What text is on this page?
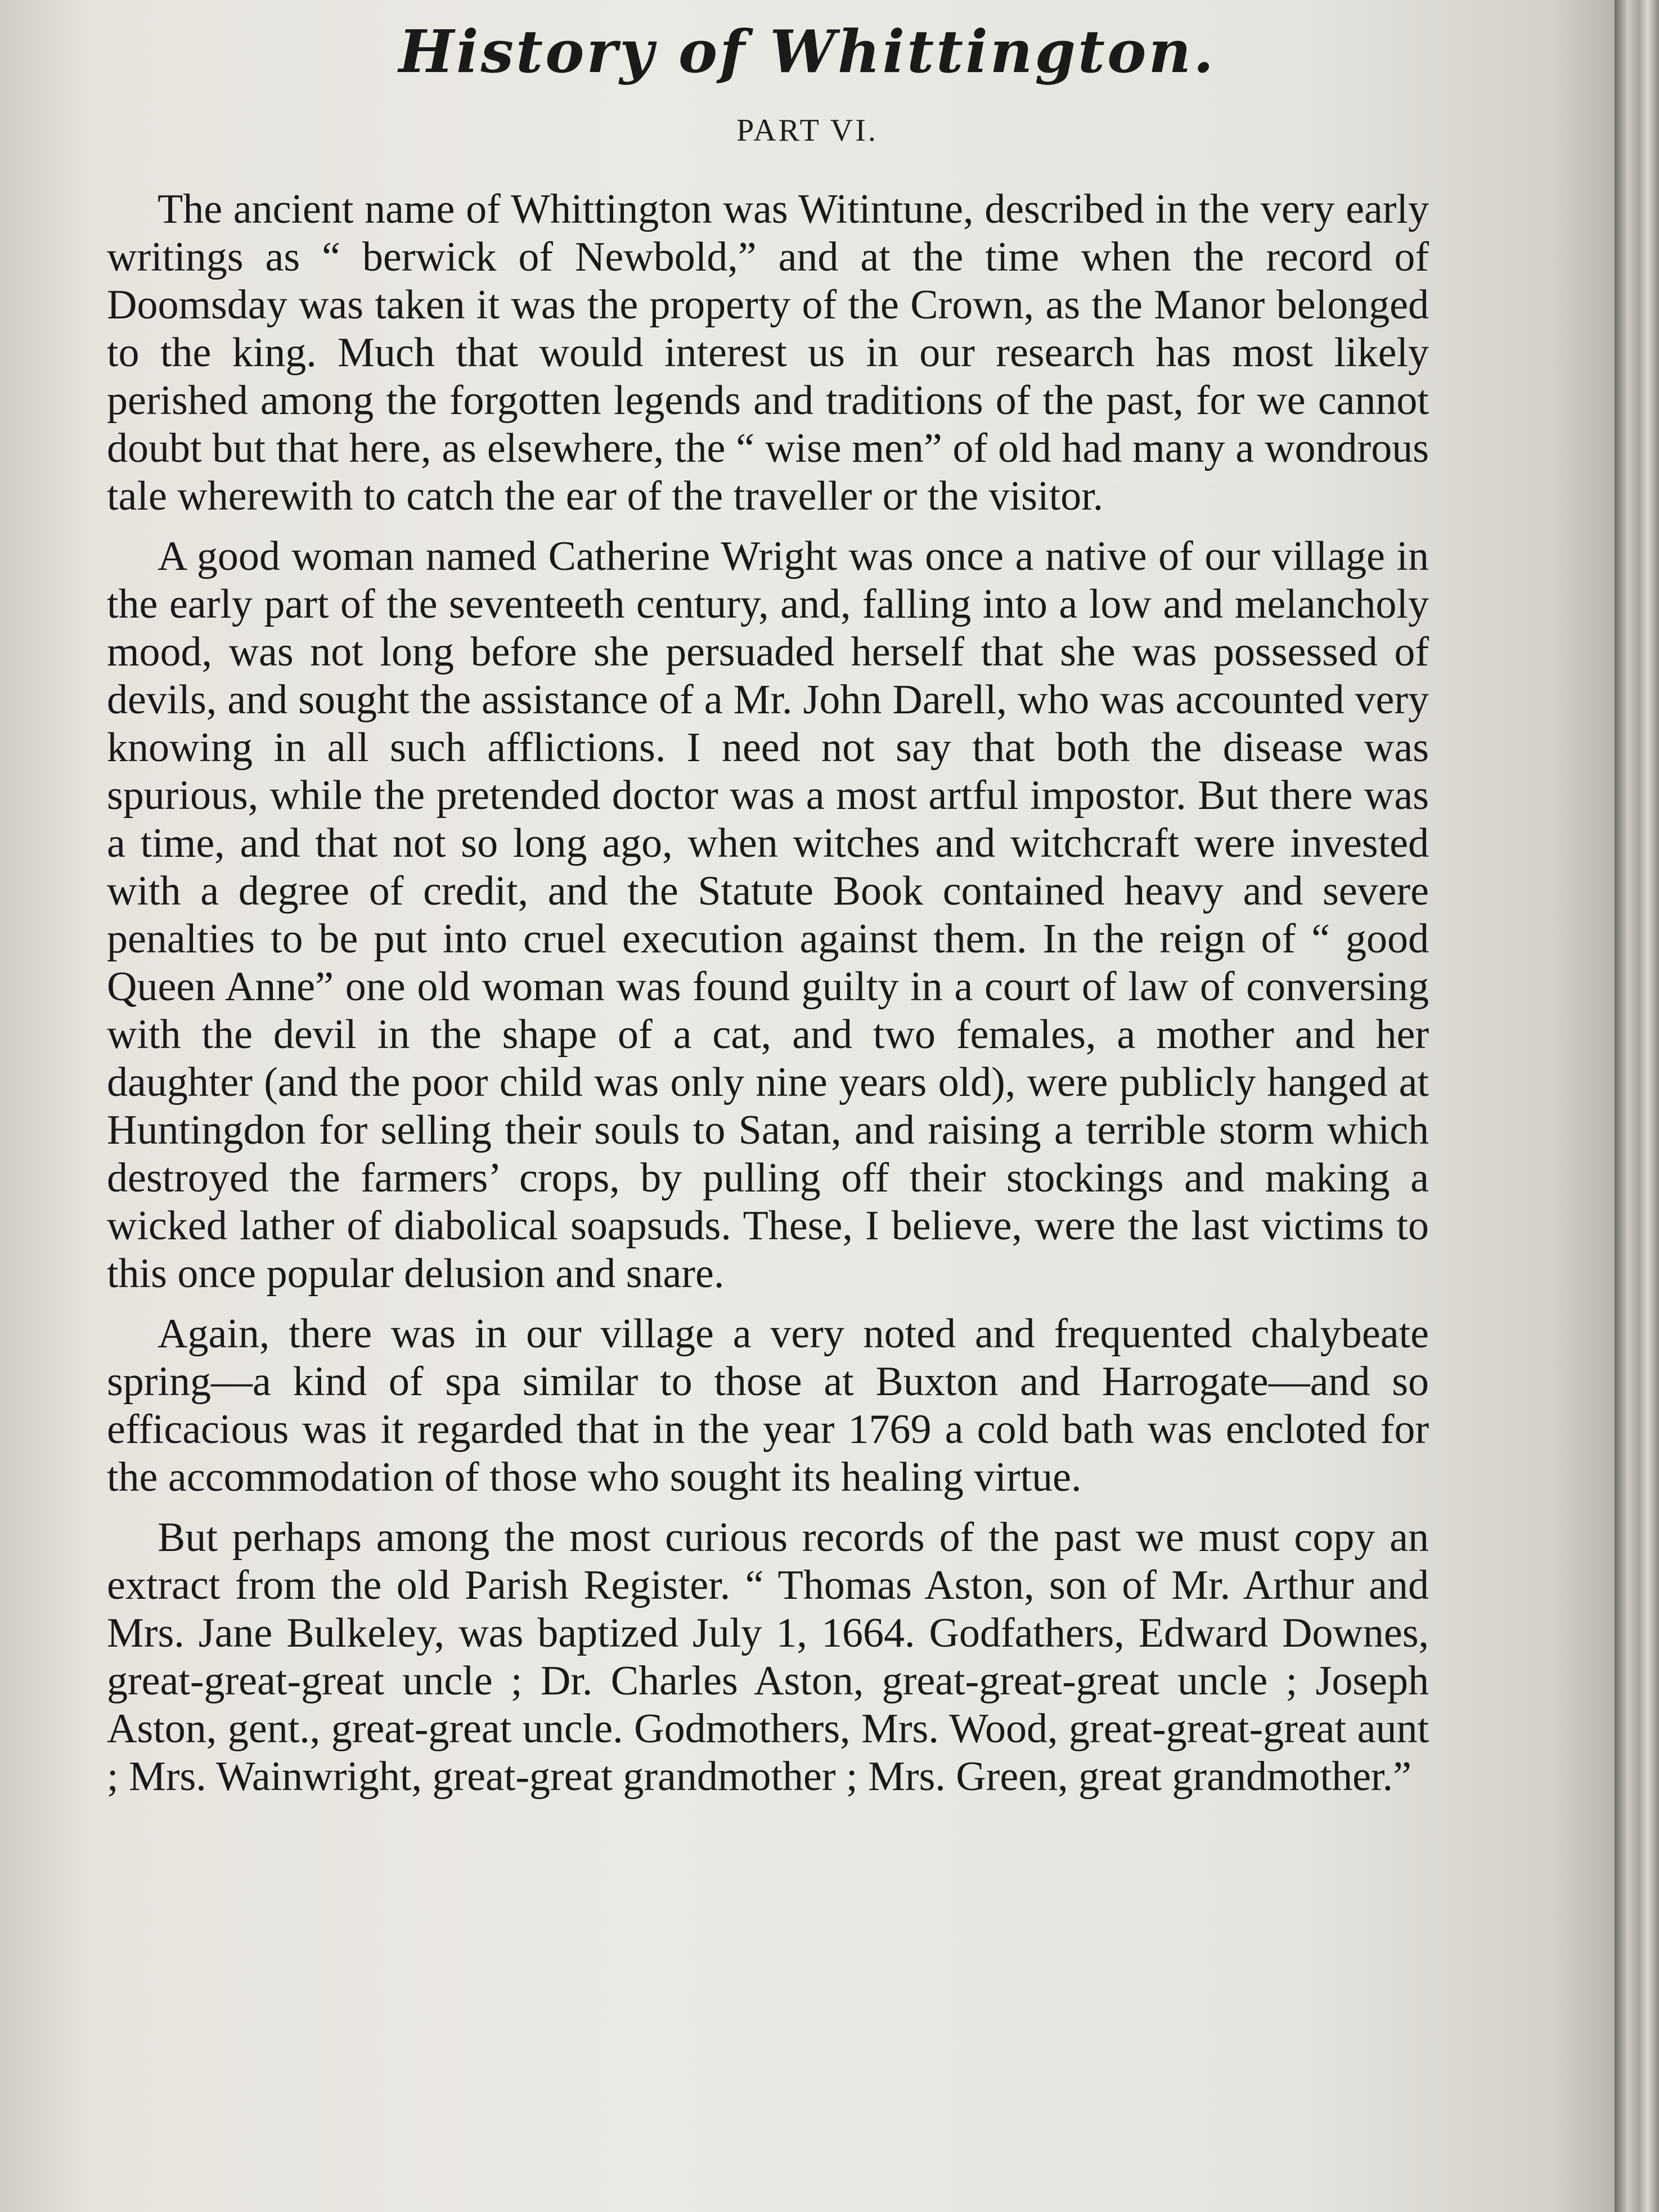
History of Whittington.
PART VI.

The ancient name of Whittington was Witintune, described in the very early writings as “ berwick of Newbold,” and at the time when the record of Doomsday was taken it was the property of the Crown, as the Manor belonged to the king. Much that would interest us in our research has most likely perished among the forgotten legends and traditions of the past, for we cannot doubt but that here, as elsewhere, the “ wise men” of old had many a wondrous tale wherewith to catch the ear of the traveller or the visitor.

A good woman named Catherine Wright was once a native of our village in the early part of the seventeeth century, and, falling into a low and melancholy mood, was not long before she persuaded herself that she was possessed of devils, and sought the assistance of a Mr. John Darell, who was accounted very knowing in all such afflictions. I need not say that both the disease was spurious, while the pretended doctor was a most artful impostor. But there was a time, and that not so long ago, when witches and witchcraft were invested with a degree of credit, and the Statute Book contained heavy and severe penalties to be put into cruel execution against them. In the reign of “ good Queen Anne” one old woman was found guilty in a court of law of conversing with the devil in the shape of a cat, and two females, a mother and her daughter (and the poor child was only nine years old), were publicly hanged at Huntingdon for selling their souls to Satan, and raising a terrible storm which destroyed the farmers’ crops, by pulling off their stockings and making a wicked lather of diabolical soapsuds. These, I believe, were the last victims to this once popular delusion and snare.

Again, there was in our village a very noted and frequented chalybeate spring—a kind of spa similar to those at Buxton and Harrogate—and so efficacious was it regarded that in the year 1769 a cold bath was encloted for the accommodation of those who sought its healing virtue.

But perhaps among the most curious records of the past we must copy an extract from the old Parish Register. “ Thomas Aston, son of Mr. Arthur and Mrs. Jane Bulkeley, was baptized July 1, 1664. Godfathers, Edward Downes, great-great-great uncle ; Dr. Charles Aston, great-great-great uncle ; Joseph Aston, gent., great-great uncle. Godmothers, Mrs. Wood, great-great-great aunt ; Mrs. Wainwright, great-great grandmother ; Mrs. Green, great grandmother.”
